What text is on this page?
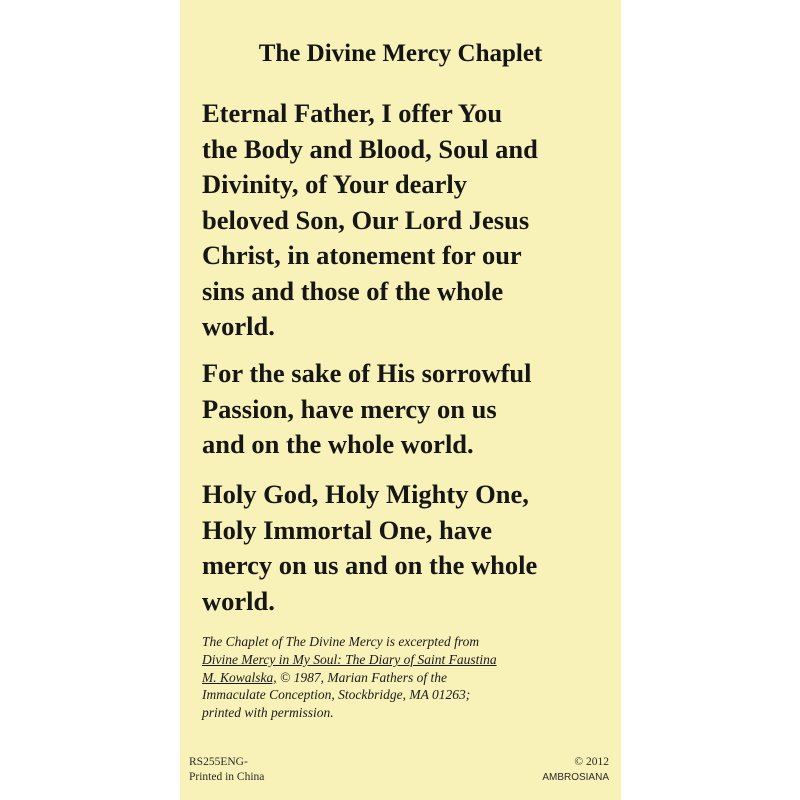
The Divine Mercy Chaplet

Eternal Father, I offer You
the Body and Blood, Soul and
Divinity, of Your dearly
beloved Son, Our Lord Jesus
Christ, in atonement for our
sins and those of the whole
world.

For the sake of His sorrowful
Passion, have mercy on us
and on the whole world.

Holy God, Holy Mighty One,
Holy Immortal One, have
mercy on us and on the whole
world.

The Chaplet of The Divine Mercy is excerpted from
Divine Mercy in My Soul: The Diary of Saint Faustina
M. Kowalska, © 1987, Marian Fathers of the
Immaculate Conception, Stockbridge, MA 01263;
printed with permission.

RS255ENG-
Printed in China
© 2012
AMBROSIANA
